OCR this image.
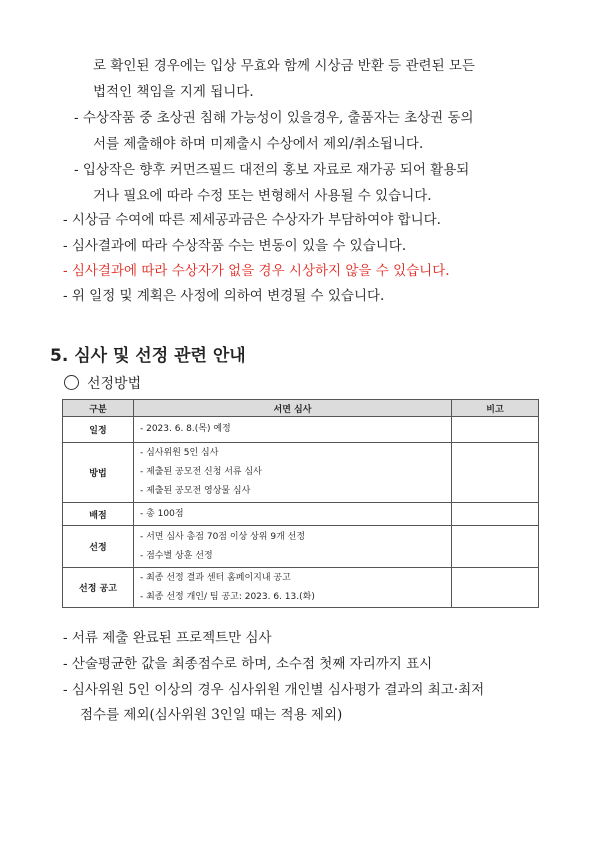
로 확인된 경우에는 입상 무효와 함께 시상금 반환 등 관련된 모든
법적인 책임을 지게 됩니다.
- 수상작품 중 초상권 침해 가능성이 있을경우, 출품자는 초상권 동의
서를 제출해야 하며 미제출시 수상에서 제외/취소됩니다.
- 입상작은 향후 커먼즈필드 대전의 홍보 자료로 재가공 되어 활용되
거나 필요에 따라 수정 또는 변형해서 사용될 수 있습니다.
- 시상금 수여에 따른 제세공과금은 수상자가 부담하여야 합니다.
- 심사결과에 따라 수상작품 수는 변동이 있을 수 있습니다.
- 심사결과에 따라 수상자가 없을 경우 시상하지 않을 수 있습니다.
- 위 일정 및 계획은 사정에 의하여 변경될 수 있습니다.
5. 심사 및 선정 관련 안내
선정방법
구분	서면 심사	비고
일정	- 2023. 6. 8.(목) 예정	

방법	- 심사위원 5인 심사
- 제출된 공모전 신청 서류 심사
- 제출된 공모전 영상물 심사	

배점	- 총 100점	

선정	- 서면 심사 총점 70점 이상 상위 9개 선정
- 점수별 상훈 선정	

선정 공고	- 최종 선정 결과 센터 홈페이지내 공고
- 최종 선정 개인/ 팀 공고: 2023. 6. 13.(화)	

- 서류 제출 완료된 프로젝트만 심사
- 산술평균한 값을 최종점수로 하며, 소수점 첫째 자리까지 표시
- 심사위원 5인 이상의 경우 심사위원 개인별 심사평가 결과의 최고·최저
점수를 제외(심사위원 3인일 때는 적용 제외)
